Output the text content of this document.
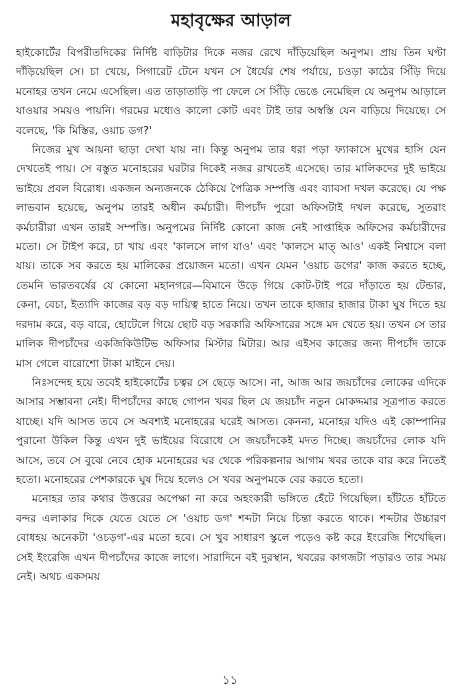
মহাবৃক্ষের আড়াল

হাইকোর্টের বিপরীতদিকের নির্দিষ্ট বাড়িটার দিকে নজর রেখে দাঁড়িয়েছিল অনুপম। প্রায় তিন ঘণ্টা দাঁড়িয়েছিল সে। চা খেয়ে, সিগারেট টেনে যখন সে ধৈর্যের শেষ পর্যায়ে, চওড়া কাঠের সিঁড়ি দিয়ে মনোহর তখন নেমে এসেছিল। এত তাড়াতাড়ি পা ফেলে সে সিঁড়ি ভেঙে নেমেছিল যে অনুপম আড়ালে যাওয়ার সময়ও পায়নি। গরমের মধ্যেও কালো কোট এবং টাই তার অস্বস্তি যেন বাড়িয়ে দিয়েছে। সে বলেছে, 'কি মিস্তির, ওয়াচ ডগ?'

নিজের মুখ আয়না ছাড়া দেখা যায় না। কিন্তু অনুপম তার ধরা পড়া ফ্যাকাসে মুখের হাসি যেন দেখতেই পায়। সে বস্তুত মনোহরের ঘরটার দিকেই নজর রাখতেই এসেছে। তার মালিকদের দুই ভাইয়ে ভাইয়ে প্রবল বিরোধ। একজন অন্যজনকে ঠেকিয়ে পৈত্রিক সম্পত্তি এবং ব্যাবসা দখল করেছে। যে পক্ষ লাভবান হয়েছে, অনুপম তারই অধীন কর্মচারী। দীপচাঁদ পুরো অফিসটাই দখল করেছে, সুতরাং কর্মচারীরা এখন তারই সম্পত্তি। অনুপমের নির্দিষ্ট কোনো কাজ নেই সাপ্তাহিক অফিসের কর্মচারীদের মতো। সে টাইপ করে, চা খায় এবং 'কালসে লাগ যাও' এবং 'কালসে মাত্ আও' একই নিশ্বাসে বলা যায়। তাকে সব করতে হয় মালিকের প্রয়োজন মতো। এখন যেমন 'ওয়াচ ডগের' কাজ করতে হচ্ছে, তেমনি ভারতবর্ষের যে কোনো মহানগরে—বিমানে উড়ে গিয়ে কোট-টাই পরে দাঁড়াতে হয় টেন্ডার, কেনা, বেচা, ইত্যাদি কাজের বড় বড় দায়িত্ব হাতে নিয়ে। তখন তাকে হাজার হাজার টাকা ঘুষ দিতে হয় দরদাম করে, বড় বারে, হোটেলে গিয়ে ছোট বড় সরকারি অফিসারের সঙ্গে মদ খেতে হয়। তখন সে তার মালিক দীপচাঁদের একজিকিউটিভ অফিসার মিস্টার মিটার। আর এইসব কাজের জন্য দীপচাঁদ তাকে মাস গেলে বারোশো টাকা মাইনে দেয়।

নিঃসন্দেহ হয়ে তবেই হাইকোর্টের চত্বর সে ছেড়ে আসে। না, আজ আর জয়চাঁদের লোকের এদিকে আসার সম্ভাবনা নেই। দীপচাঁদের কাছে গোপন খবর ছিল যে জয়চাঁদ নতুন মোকদ্দমার সূত্রপাত করতে যাচ্ছে। যদি আসত তবে সে অবশ্যই মনোহরের ঘরেই আসত। কেননা, মনোহর যদিও এই কোম্পানির পুরানো উকিল কিন্তু এখন দুই ভাইয়ের বিরোধে সে জয়চাঁদকেই মদত দিচ্ছে। জয়চাঁদের লোক যদি আসে, তবে সে বুঝে নেবে হোক মনোহরের ঘর থেকে পরিকল্পনার আগাম খবর তাকে বার করে নিতেই হতো। মনোহরের পেশকারকে ঘুষ দিয়ে হলেও সে খবর অনুপমকে বের করতে হতো।

মনোহর তার কথার উত্তরের অপেক্ষা না করে অহংকারী ভঙ্গিতে হেঁটে গিয়েছিল। হাঁটতে হাঁটতে বন্দর এলাকার দিকে যেতে যেতে সে 'ওয়াচ ডগ' শব্দটা নিয়ে চিন্তা করতে থাকে। শব্দটার উচ্চারণ বোধহয় অনেকটা 'ওচড়গ'-এর মতো হবে। সে খুব সাধারণ স্কুলে পড়েও কষ্ট করে ইংরেজি শিখেছিল। সেই ইংরেজি এখন দীপচাঁদের কাজে লাগে। সারাদিনে বই দুরস্থান, খবরের কাগজটা পড়ারও তার সময় নেই। অথচ একসময়

১১
